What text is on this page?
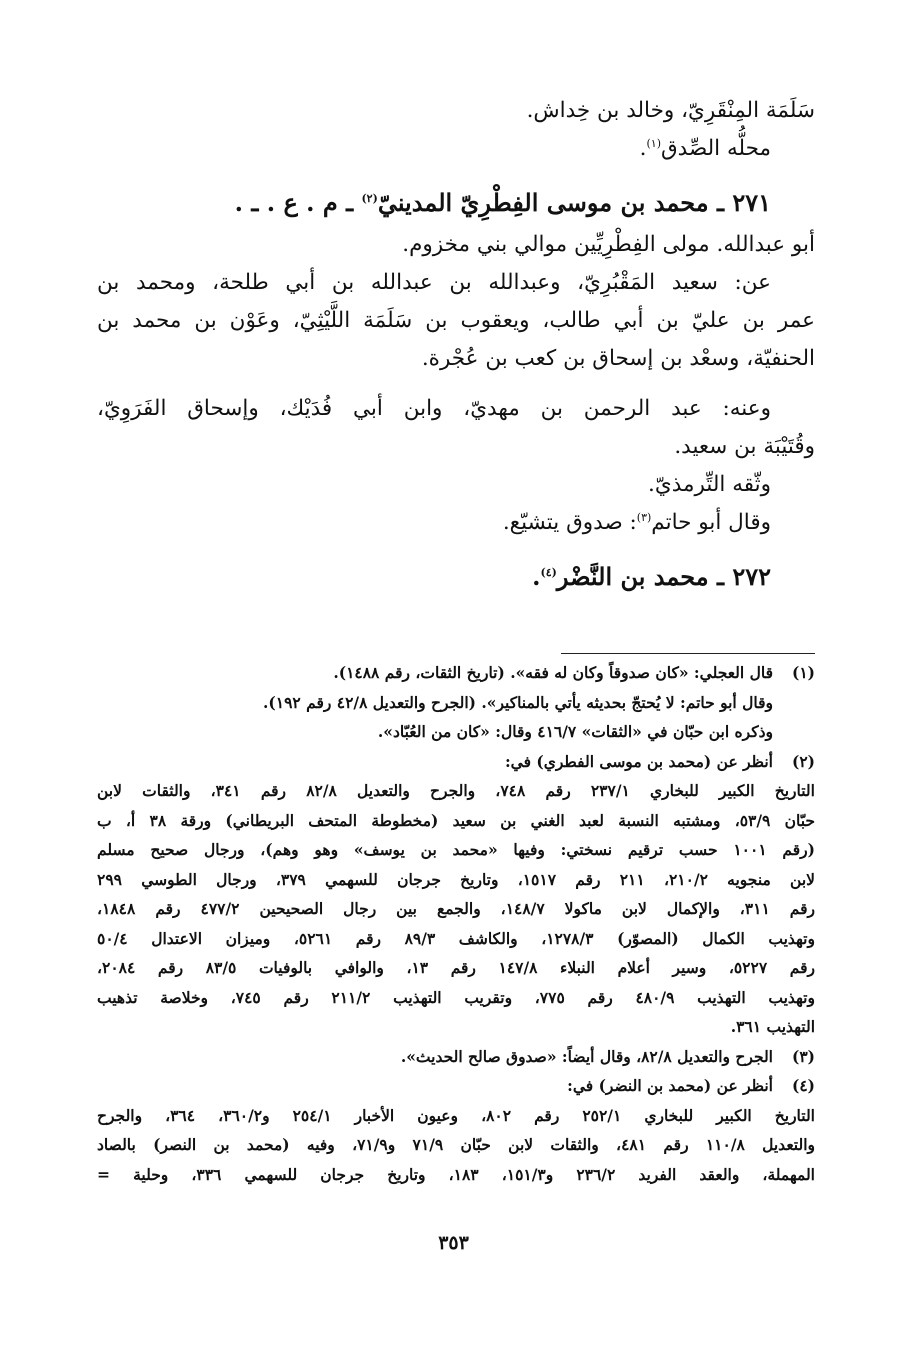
سَلَمَة المِنْقَرِيّ، وخالد بن خِداش.
محلُّه الصِّدق$^{(١)}$.
٢٧١ ـ محمد بن موسى الفِطْرِيّ المدينيّ$^{(٢)}$ ـ م . ع . ـ .
أبو عبدالله. مولى الفِطْرِيِّين موالي بني مخزوم.
عن: سعيد المَقْبُرِيّ، وعبدالله بن عبدالله بن أبي طلحة، ومحمد بن
عمر بن عليّ بن أبي طالب، ويعقوب بن سَلَمَة اللَّيْثِيّ، وعَوْن بن محمد بن
الحنفيّة، وسعْد بن إسحاق بن كعب بن عُجْرة.
وعنه: عبد الرحمن بن مهديّ، وابن أبي فُدَيْك، وإسحاق الفَرَوِيّ،
وقُتَيْبَة بن سعيد.
وثّقه التِّرمذيّ.
وقال أبو حاتم$^{(٣)}$: صدوق يتشيّع.
٢٧٢ ـ محمد بن النَّضْر$^{(٤)}$.
(١)
قال العجلي: «كان صدوقاً وكان له فقه». (تاريخ الثقات، رقم ١٤٨٨).
وقال أبو حاتم: لا يُحتجّ بحديثه يأتي بالمناكير». (الجرح والتعديل ٤٢/٨ رقم ١٩٢).
وذكره ابن حبّان في «الثقات» ٤١٦/٧ وقال: «كان من العُبّاد».
(٢)
أنظر عن (محمد بن موسى الفطري) في:
التاريخ الكبير للبخاري ٢٣٧/١ رقم ٧٤٨، والجرح والتعديل ٨٢/٨ رقم ٣٤١، والثقات لابن
حبّان ٥٣/٩، ومشتبه النسبة لعبد الغني بن سعيد (مخطوطة المتحف البريطاني) ورقة ٣٨ أ، ب
(رقم ١٠٠١ حسب ترقيم نسختي: وفيها «محمد بن يوسف» وهو وهم)، ورجال صحيح مسلم
لابن منجويه ٢١٠/٢، ٢١١ رقم ١٥١٧، وتاريخ جرجان للسهمي ٣٧٩، ورجال الطوسي ٢٩٩
رقم ٣١١، والإكمال لابن ماكولا ١٤٨/٧، والجمع بين رجال الصحيحين ٤٧٧/٢ رقم ١٨٤٨،
وتهذيب الكمال (المصوّر) ١٢٧٨/٣، والكاشف ٨٩/٣ رقم ٥٢٦١، وميزان الاعتدال ٥٠/٤
رقم ٥٢٢٧، وسير أعلام النبلاء ١٤٧/٨ رقم ١٣، والوافي بالوفيات ٨٣/٥ رقم ٢٠٨٤،
وتهذيب التهذيب ٤٨٠/٩ رقم ٧٧٥، وتقريب التهذيب ٢١١/٢ رقم ٧٤٥، وخلاصة تذهيب
التهذيب ٣٦١.
(٣)
الجرح والتعديل ٨٢/٨، وقال أيضاً: «صدوق صالح الحديث».
(٤)
أنظر عن (محمد بن النضر) في:
التاريخ الكبير للبخاري ٢٥٢/١ رقم ٨٠٢، وعيون الأخبار ٢٥٤/١ و٣٦٠/٢، ٣٦٤، والجرح
والتعديل ١١٠/٨ رقم ٤٨١، والثقات لابن حبّان ٧١/٩ و٧١/٩، وفيه (محمد بن النصر) بالصاد
المهملة، والعقد الفريد ٢٣٦/٢ و١٥١/٣، ١٨٣، وتاريخ جرجان للسهمي ٣٣٦، وحلية =
٣٥٣
